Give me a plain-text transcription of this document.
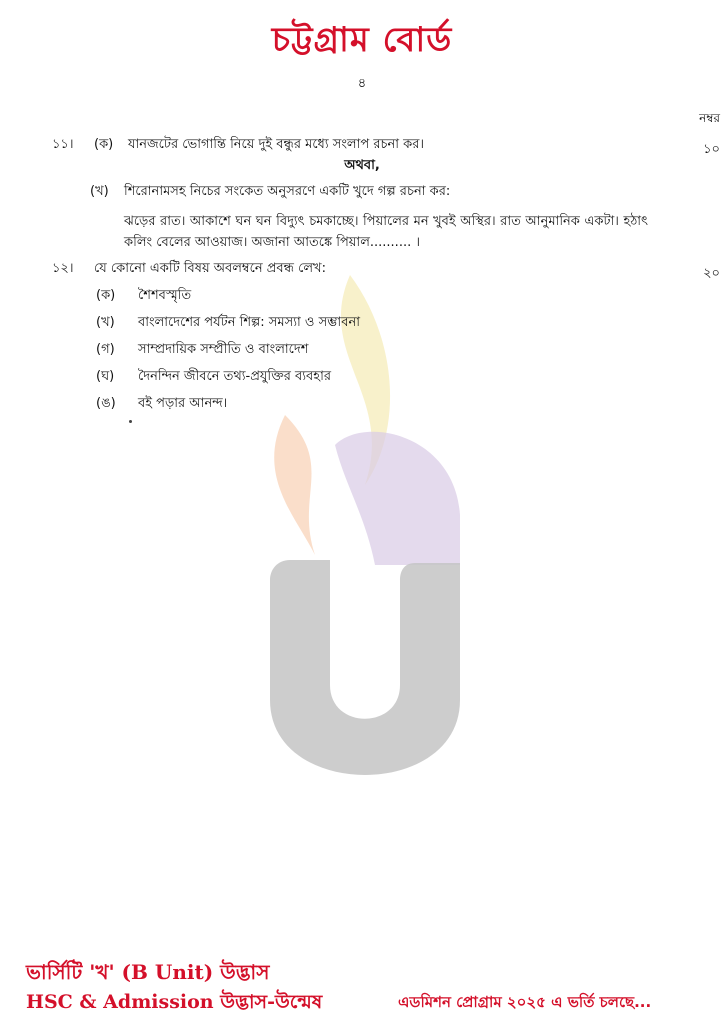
চট্টগ্রাম বোর্ড
৪
নম্বর
১১। (ক) যানজটের ভোগান্তি নিয়ে দুই বন্ধুর মধ্যে সংলাপ রচনা কর।	১০
অথবা,
(খ) শিরোনামসহ নিচের সংকেত অনুসরণে একটি খুদে গল্প রচনা কর:
ঝড়ের রাত। আকাশে ঘন ঘন বিদ্যুৎ চমকাচ্ছে। পিয়ালের মন খুবই অস্থির। রাত আনুমানিক একটা। হঠাৎ কলিং বেলের আওয়াজ। অজানা আতঙ্কে পিয়াল.......... ।
১২। যে কোনো একটি বিষয় অবলম্বনে প্রবন্ধ লেখ:	২০
(ক) শৈশবস্মৃতি
(খ) বাংলাদেশের পর্যটন শিল্প: সমস্যা ও সম্ভাবনা
(গ) সাম্প্রদায়িক সম্প্রীতি ও বাংলাদেশ
(ঘ) দৈনন্দিন জীবনে তথ্য-প্রযুক্তির ব্যবহার
(ঙ) বই পড়ার আনন্দ।
ভার্সিটি 'খ' (B Unit) উদ্ভাস
HSC & Admission উদ্ভাস-উন্মেষ	এডমিশন প্রোগ্রাম ২০২৫ এ ভর্তি চলছে...
